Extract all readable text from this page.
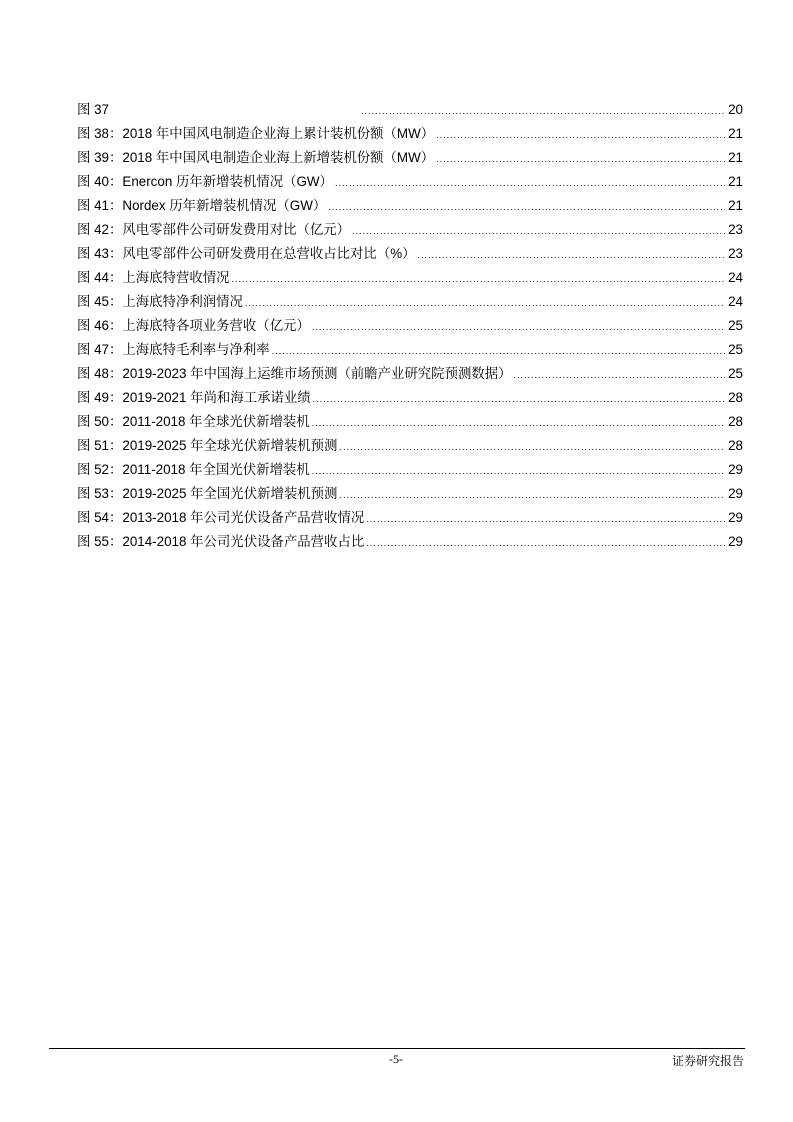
图 37 .....	20
图 38：2018 年中国风电制造企业海上累计装机份额（MW） .....	21
图 39：2018 年中国风电制造企业海上新增装机份额（MW） .....	21
图 40：Enercon 历年新增装机情况（GW） .....	21
图 41：Nordex 历年新增装机情况（GW） .....	21
图 42：风电零部件公司研发费用对比（亿元） .....	23
图 43：风电零部件公司研发费用在总营收占比对比（%） .....	23
图 44：上海底特营收情况 .....	24
图 45：上海底特净利润情况 .....	24
图 46：上海底特各项业务营收（亿元） .....	25
图 47：上海底特毛利率与净利率 .....	25
图 48：2019-2023 年中国海上运维市场预测（前瞻产业研究院预测数据） .....	25
图 49：2019-2021 年尚和海工承诺业绩 .....	28
图 50：2011-2018 年全球光伏新增装机 .....	28
图 51：2019-2025 年全球光伏新增装机预测 .....	28
图 52：2011-2018 年全国光伏新增装机 .....	29
图 53：2019-2025 年全国光伏新增装机预测 .....	29
图 54：2013-2018 年公司光伏设备产品营收情况 .....	29
图 55：2014-2018 年公司光伏设备产品营收占比 .....	29
-5-	证券研究报告
